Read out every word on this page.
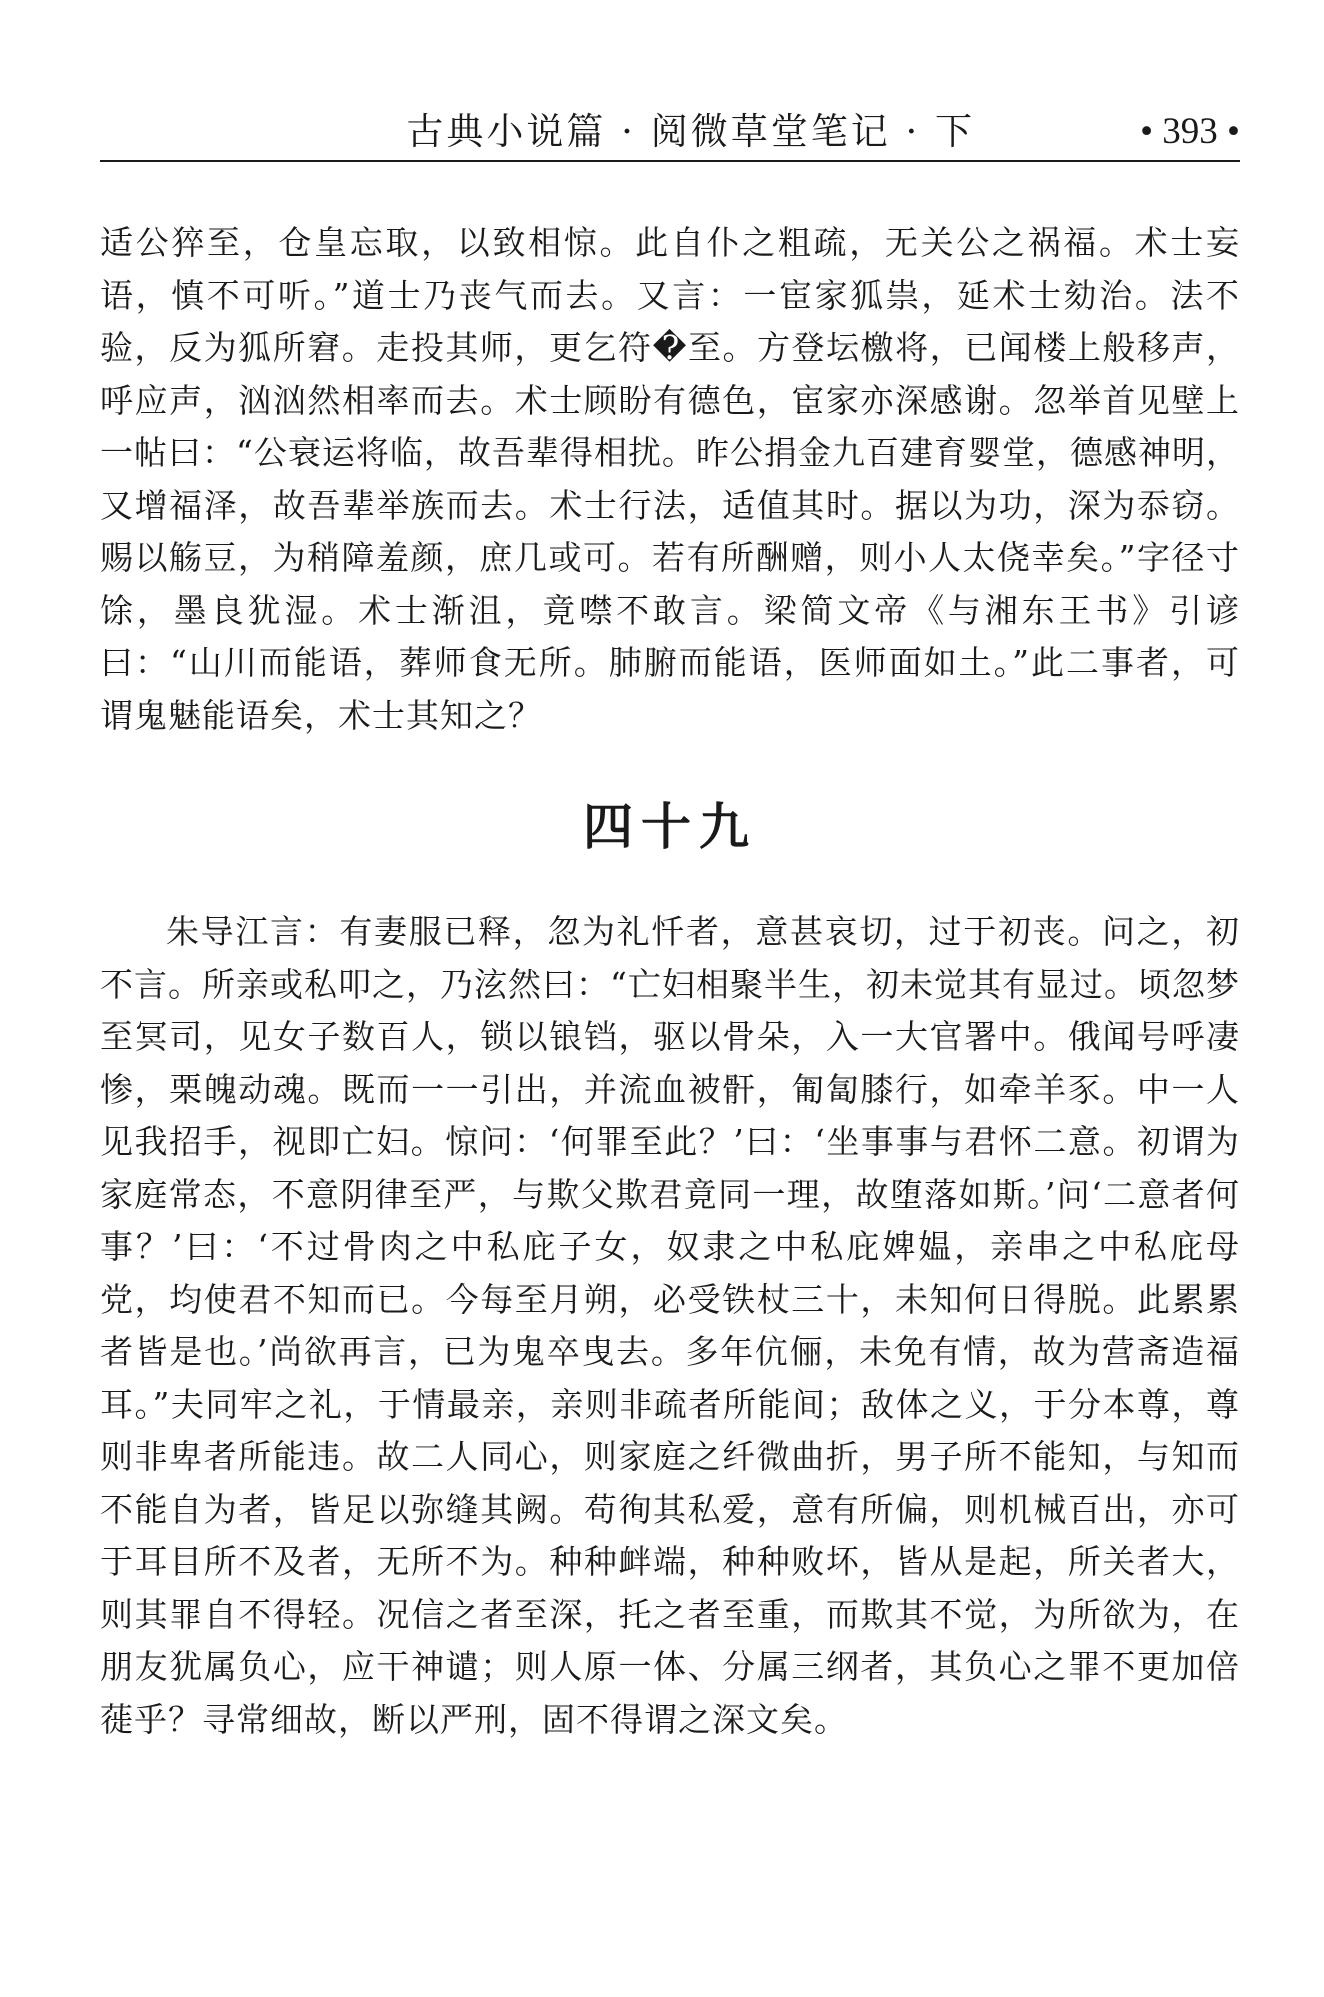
古典小说篇 · 阅微草堂笔记 · 下	• 393 •

适公猝至，仓皇忘取，以致相惊。此自仆之粗疏，无关公之祸福。术士妄语，慎不可听。”道士乃丧气而去。又言：一宦家狐祟，延术士劾治。法不验，反为狐所窘。走投其师，更乞符�至。方登坛檄将，已闻楼上般移声，呼应声，汹汹然相率而去。术士顾盼有德色，宦家亦深感谢。忽举首见壁上一帖曰：“公衰运将临，故吾辈得相扰。昨公捐金九百建育婴堂，德感神明，又增福泽，故吾辈举族而去。术士行法，适值其时。据以为功，深为忝窃。赐以觞豆，为稍障羞颜，庶几或可。若有所酬赠，则小人太侥幸矣。”字径寸馀，墨良犹湿。术士渐沮，竟噤不敢言。梁简文帝《与湘东王书》引谚曰：“山川而能语，葬师食无所。肺腑而能语，医师面如土。”此二事者，可谓鬼魅能语矣，术士其知之？

四十九

朱导江言：有妻服已释，忽为礼忏者，意甚哀切，过于初丧。问之，初不言。所亲或私叩之，乃泫然曰：“亡妇相聚半生，初未觉其有显过。顷忽梦至冥司，见女子数百人，锁以锒铛，驱以骨朵，入一大官署中。俄闻号呼凄惨，栗魄动魂。既而一一引出，并流血被骭，匍匐膝行，如牵羊豕。中一人见我招手，视即亡妇。惊问：‘何罪至此？’曰：‘坐事事与君怀二意。初谓为家庭常态，不意阴律至严，与欺父欺君竟同一理，故堕落如斯。’问‘二意者何事？’曰：‘不过骨肉之中私庇子女，奴隶之中私庇婢媪，亲串之中私庇母党，均使君不知而已。今每至月朔，必受铁杖三十，未知何日得脱。此累累者皆是也。’尚欲再言，已为鬼卒曳去。多年伉俪，未免有情，故为营斋造福耳。”夫同牢之礼，于情最亲，亲则非疏者所能间；敌体之义，于分本尊，尊则非卑者所能违。故二人同心，则家庭之纤微曲折，男子所不能知，与知而不能自为者，皆足以弥缝其阙。苟徇其私爱，意有所偏，则机械百出，亦可于耳目所不及者，无所不为。种种衅端，种种败坏，皆从是起，所关者大，则其罪自不得轻。况信之者至深，托之者至重，而欺其不觉，为所欲为，在朋友犹属负心，应干神谴；则人原一体、分属三纲者，其负心之罪不更加倍蓰乎？寻常细故，断以严刑，固不得谓之深文矣。
